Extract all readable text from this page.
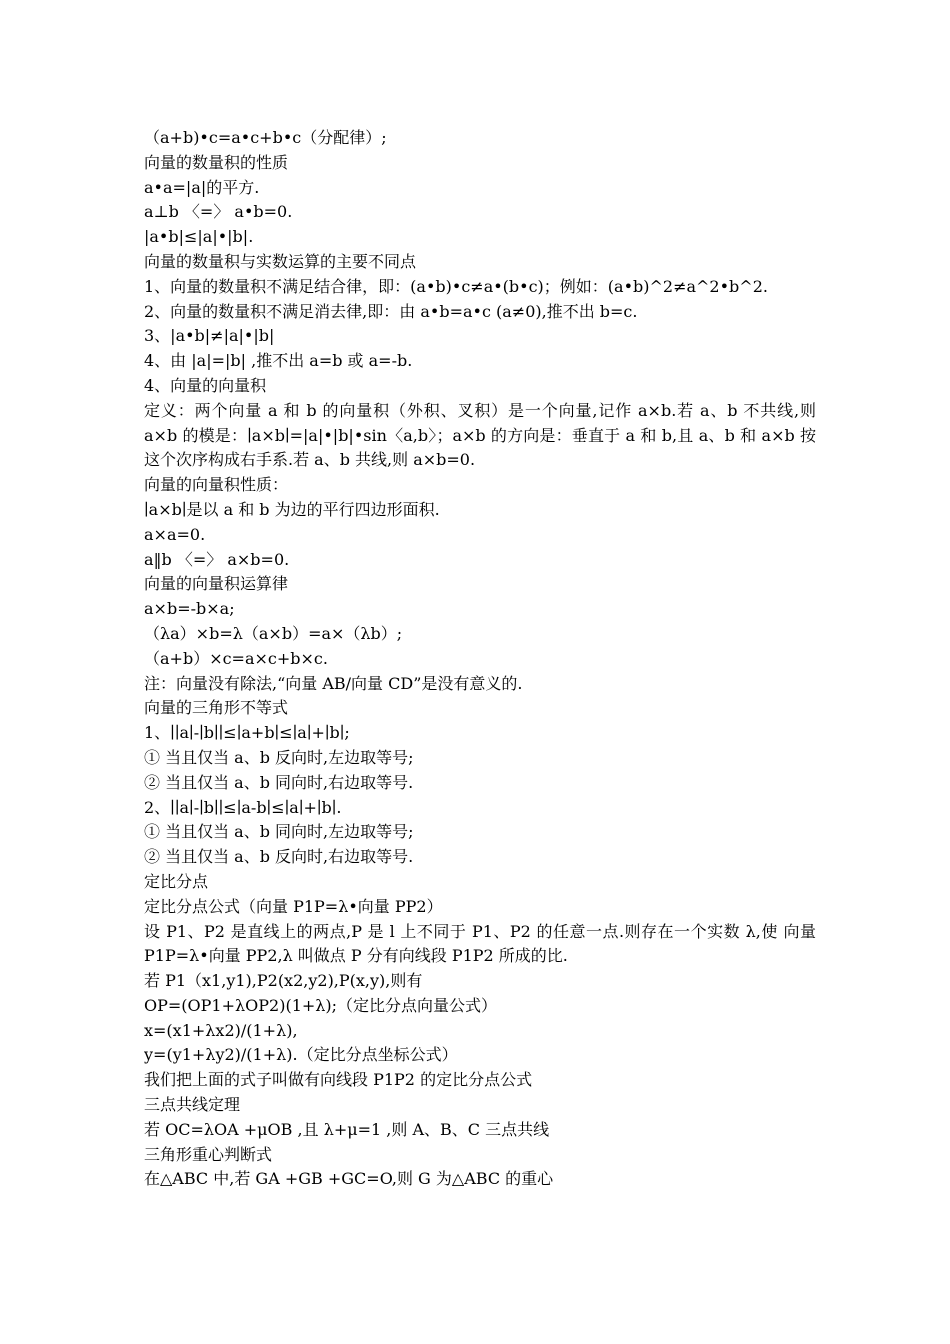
（a+b)•c=a•c+b•c（分配律）;
向量的数量积的性质
a•a=|a|的平方.
a⊥b 〈=〉 a•b=0.
|a•b|≤|a|•|b|.
向量的数量积与实数运算的主要不同点
1、向量的数量积不满足结合律，即：(a•b)•c≠a•(b•c)；例如：(a•b)^2≠a^2•b^2.
2、向量的数量积不满足消去律,即：由 a•b=a•c (a≠0),推不出 b=c.
3、|a•b|≠|a|•|b|
4、由 |a|=|b| ,推不出 a=b 或 a=-b.
4、向量的向量积
定义：两个向量 a 和 b 的向量积（外积、叉积）是一个向量,记作 a×b.若 a、b 不共线,则 a×b 的模是：∣a×b∣=|a|•|b|•sin〈a,b〉；a×b 的方向是：垂直于 a 和 b,且 a、b 和 a×b 按这个次序构成右手系.若 a、b 共线,则 a×b=0.
向量的向量积性质：
∣a×b∣是以 a 和 b 为边的平行四边形面积.
a×a=0.
a‖b 〈=〉 a×b=0.
向量的向量积运算律
a×b=-b×a;
（λa）×b=λ（a×b）=a×（λb）;
（a+b）×c=a×c+b×c.
注：向量没有除法,“向量 AB/向量 CD”是没有意义的.
向量的三角形不等式
1、∣∣a∣-∣b∣∣≤∣a+b∣≤∣a∣+∣b∣;
① 当且仅当 a、b 反向时,左边取等号;
② 当且仅当 a、b 同向时,右边取等号.
2、∣∣a∣-∣b∣∣≤∣a-b∣≤∣a∣+∣b∣.
① 当且仅当 a、b 同向时,左边取等号;
② 当且仅当 a、b 反向时,右边取等号.
定比分点
定比分点公式（向量 P1P=λ•向量 PP2）
设 P1、P2 是直线上的两点,P 是 l 上不同于 P1、P2 的任意一点.则存在一个实数 λ,使 向量 P1P=λ•向量 PP2,λ 叫做点 P 分有向线段 P1P2 所成的比.
若 P1（x1,y1),P2(x2,y2),P(x,y),则有
OP=(OP1+λOP2)(1+λ);（定比分点向量公式）
x=(x1+λx2)/(1+λ),
y=(y1+λy2)/(1+λ).（定比分点坐标公式）
我们把上面的式子叫做有向线段 P1P2 的定比分点公式
三点共线定理
若 OC=λOA +μOB ,且 λ+μ=1 ,则 A、B、C 三点共线
三角形重心判断式
在△ABC 中,若 GA +GB +GC=O,则 G 为△ABC 的重心
